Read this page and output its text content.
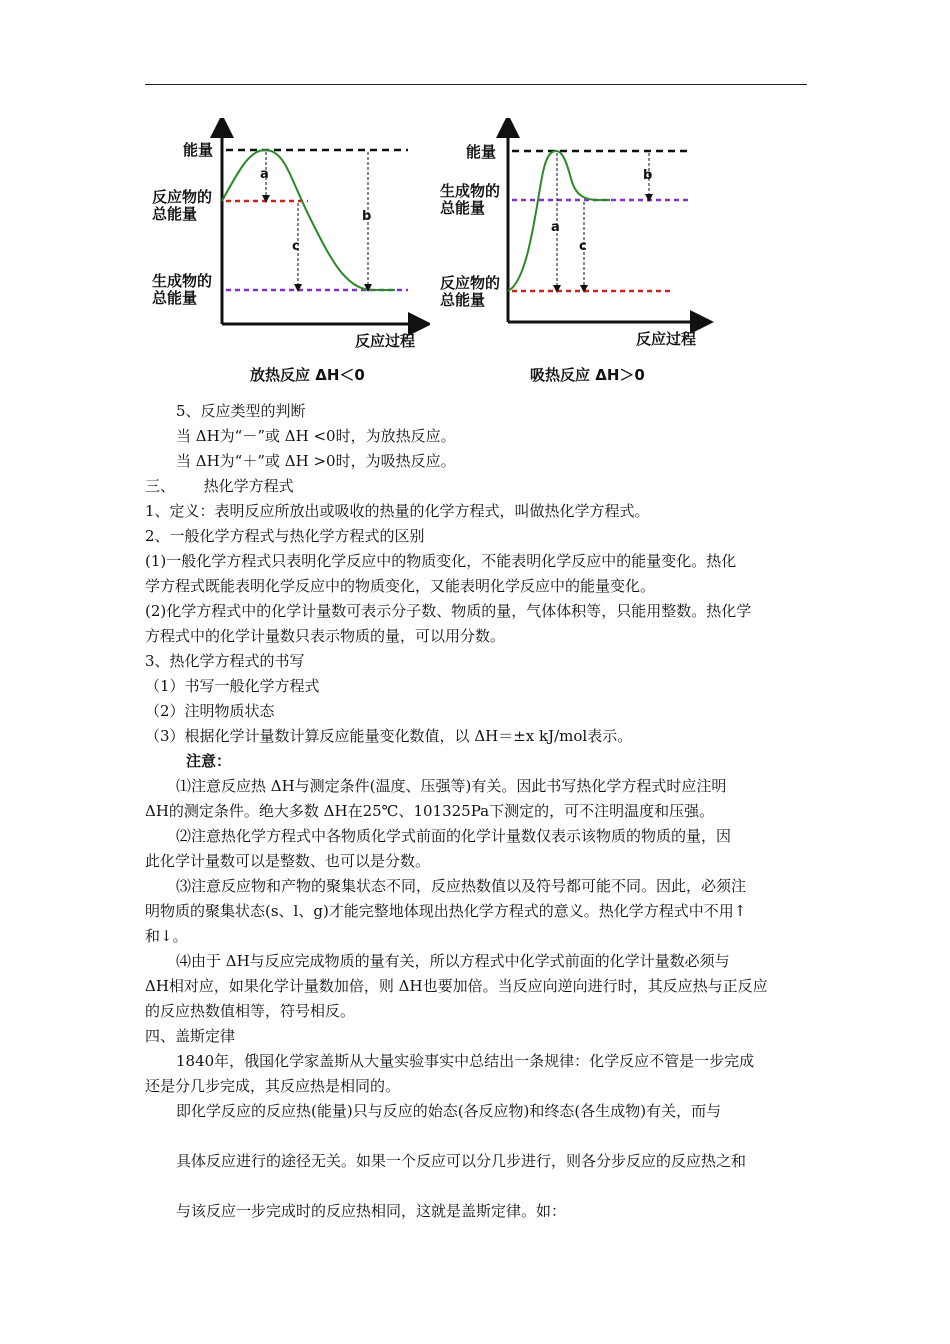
能量
反应物的
总能量
生成物的
总能量
反应过程
a
c
b
放热反应 ΔH＜0
能量
生成物的
总能量
反应物的
总能量
反应过程
a
c
b
吸热反应 ΔH＞0
5、反应类型的判断
当 ΔH为“－”或 ΔH <0时，为放热反应。
当 ΔH为“＋”或 ΔH >0时，为吸热反应。
三、      热化学方程式
1、定义：表明反应所放出或吸收的热量的化学方程式，叫做热化学方程式。
2、一般化学方程式与热化学方程式的区别
(1)一般化学方程式只表明化学反应中的物质变化，不能表明化学反应中的能量变化。热化
学方程式既能表明化学反应中的物质变化，又能表明化学反应中的能量变化。
(2)化学方程式中的化学计量数可表示分子数、物质的量，气体体积等，只能用整数。热化学
方程式中的化学计量数只表示物质的量，可以用分数。
3、热化学方程式的书写
（1）书写一般化学方程式
（2）注明物质状态
（3）根据化学计量数计算反应能量变化数值，以 ΔH＝±x kJ/mol表示。
注意：
⑴注意反应热 ΔH与测定条件(温度、压强等)有关。因此书写热化学方程式时应注明
ΔH的测定条件。绝大多数 ΔH在25℃、101325Pa下测定的，可不注明温度和压强。
⑵注意热化学方程式中各物质化学式前面的化学计量数仅表示该物质的物质的量，因
此化学计量数可以是整数、也可以是分数。
⑶注意反应物和产物的聚集状态不同，反应热数值以及符号都可能不同。因此，必须注
明物质的聚集状态(s、l、g)才能完整地体现出热化学方程式的意义。热化学方程式中不用↑
和↓。
⑷由于 ΔH与反应完成物质的量有关，所以方程式中化学式前面的化学计量数必须与
ΔH相对应，如果化学计量数加倍，则 ΔH也要加倍。当反应向逆向进行时，其反应热与正反应
的反应热数值相等，符号相反。
四、盖斯定律
1840年，俄国化学家盖斯从大量实验事实中总结出一条规律：化学反应不管是一步完成
还是分几步完成，其反应热是相同的。
即化学反应的反应热(能量)只与反应的始态(各反应物)和终态(各生成物)有关，而与
具体反应进行的途径无关。如果一个反应可以分几步进行，则各分步反应的反应热之和
与该反应一步完成时的反应热相同，这就是盖斯定律。如：
